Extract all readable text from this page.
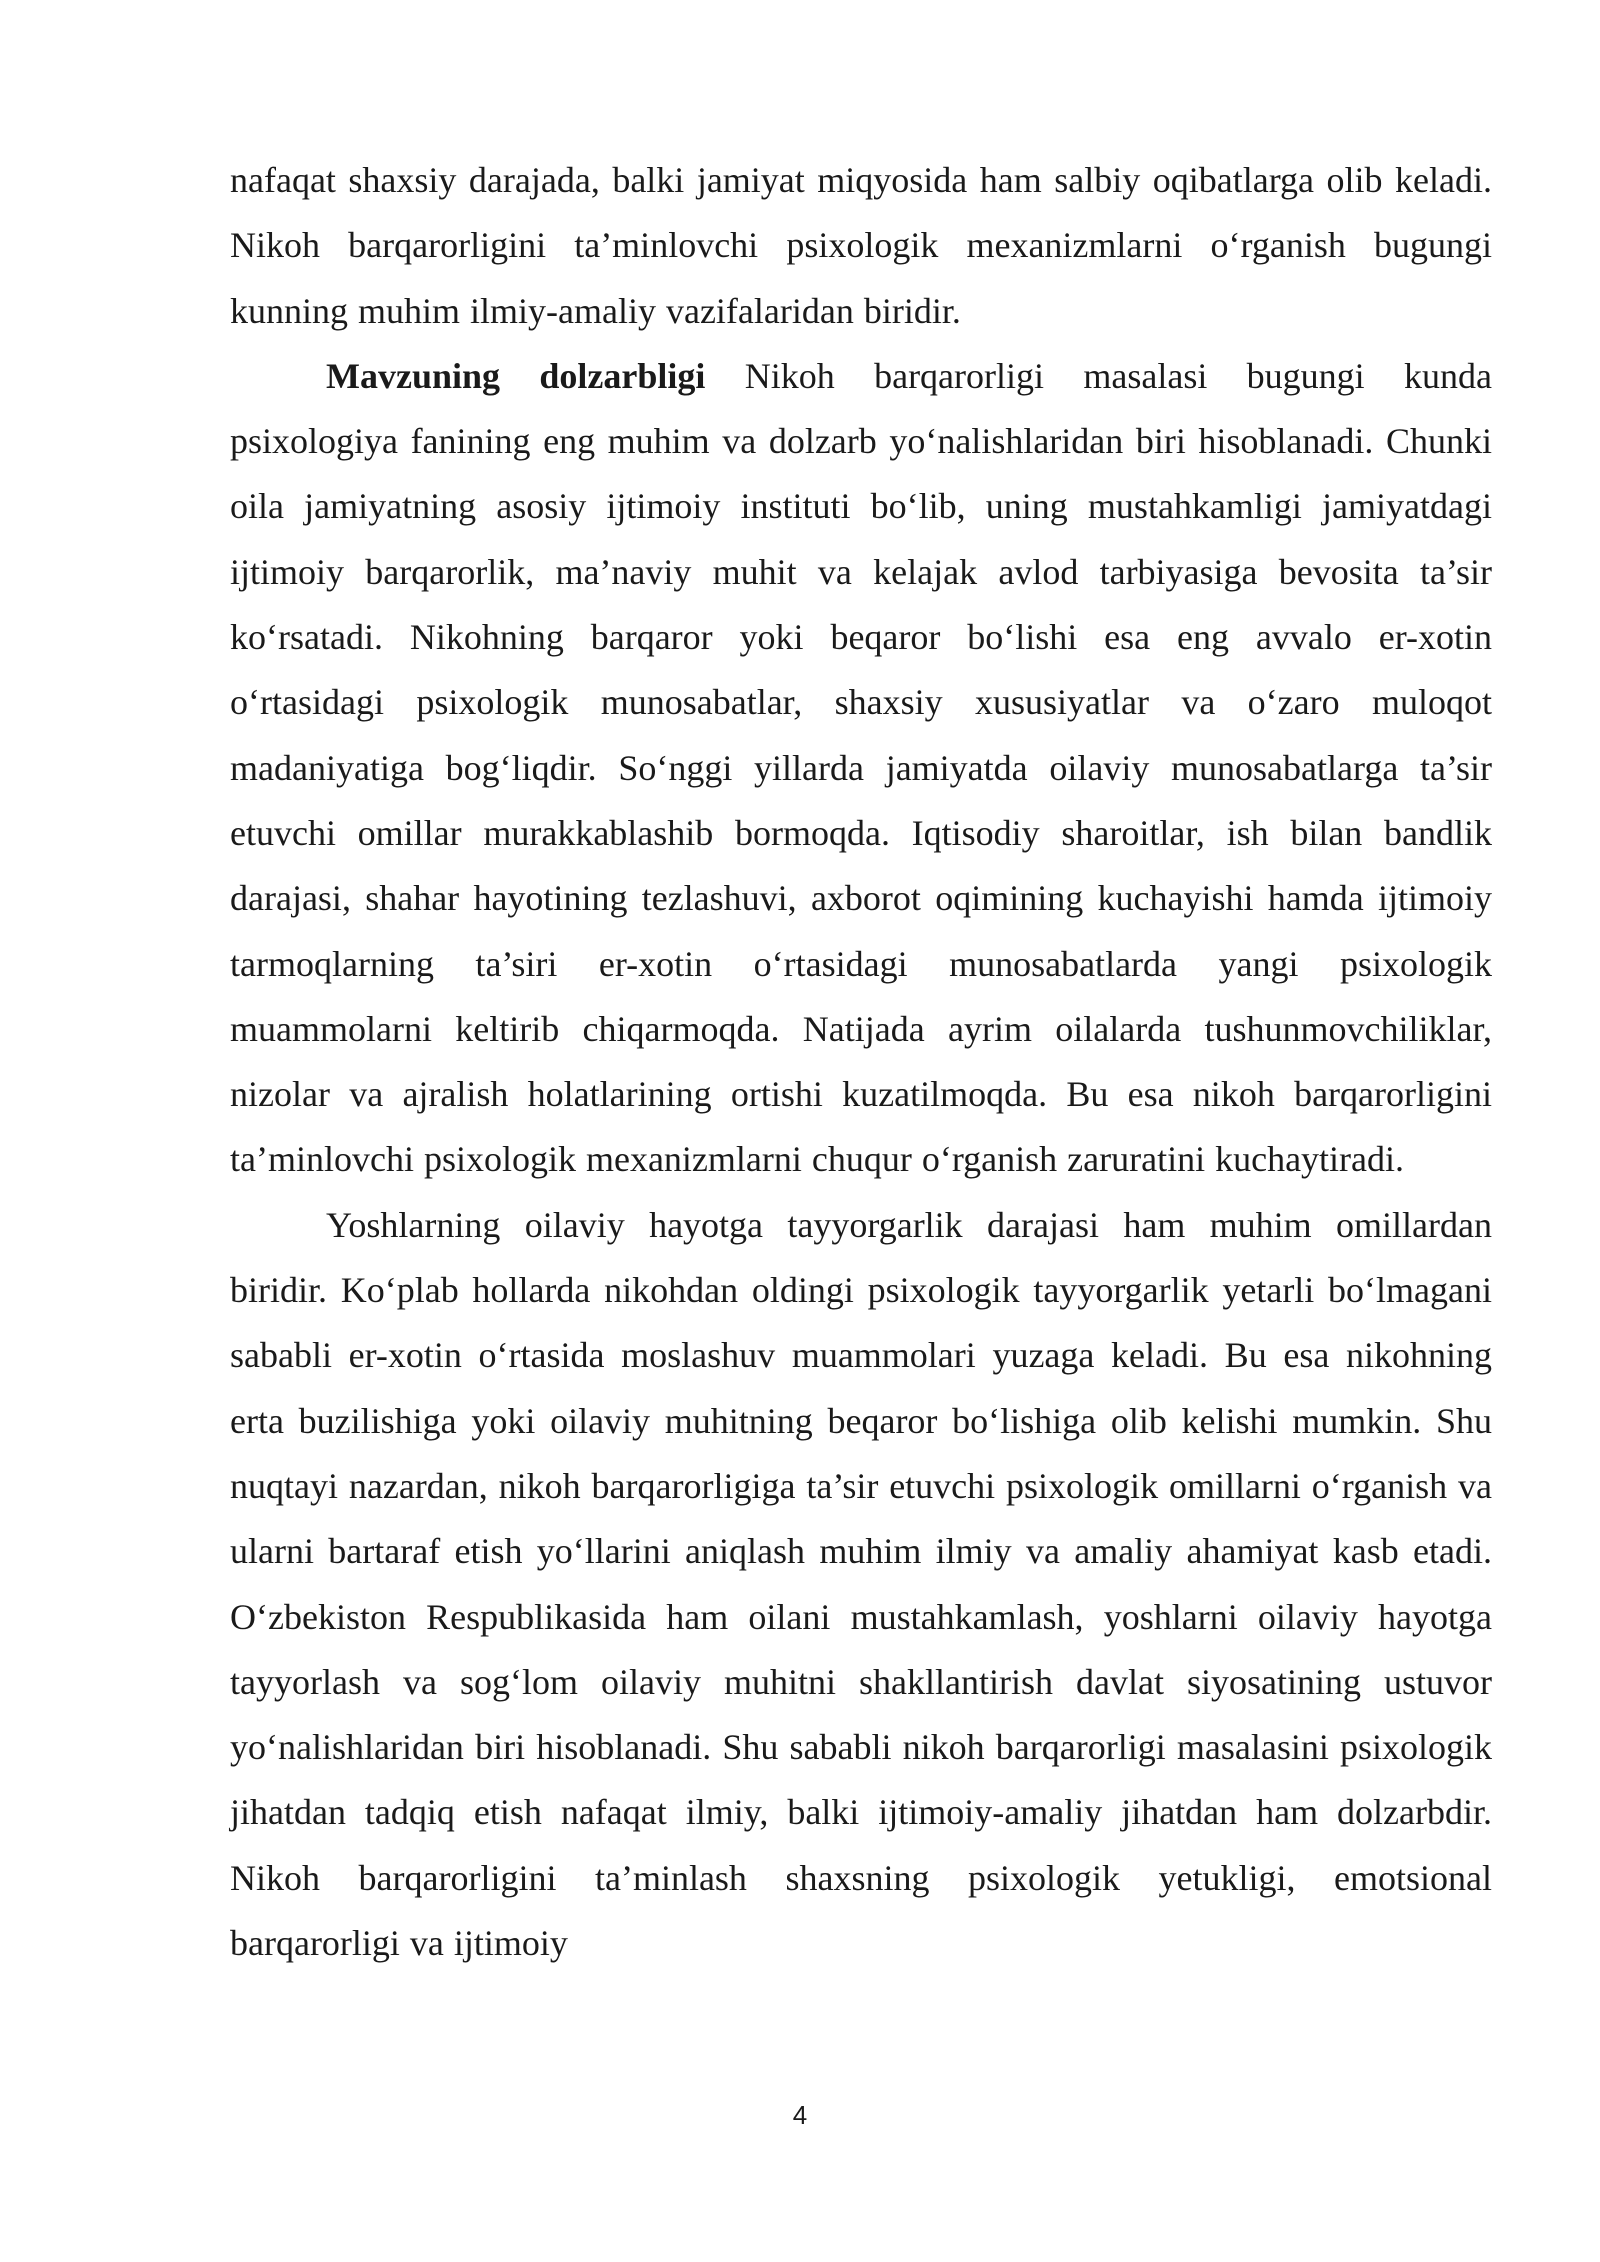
nafaqat shaxsiy darajada, balki jamiyat miqyosida ham salbiy oqibatlarga olib keladi. Nikoh barqarorligini ta’minlovchi psixologik mexanizmlarni o‘rganish bugungi kunning muhim ilmiy-amaliy vazifalaridan biridir.

Mavzuning dolzarbligi Nikoh barqarorligi masalasi bugungi kunda psixologiya fanining eng muhim va dolzarb yo‘nalishlaridan biri hisoblanadi. Chunki oila jamiyatning asosiy ijtimoiy instituti bo‘lib, uning mustahkamligi jamiyatdagi ijtimoiy barqarorlik, ma’naviy muhit va kelajak avlod tarbiyasiga bevosita ta’sir ko‘rsatadi. Nikohning barqaror yoki beqaror bo‘lishi esa eng avvalo er-xotin o‘rtasidagi psixologik munosabatlar, shaxsiy xususiyatlar va o‘zaro muloqot madaniyatiga bog‘liqdir. So‘nggi yillarda jamiyatda oilaviy munosabatlarga ta’sir etuvchi omillar murakkablashib bormoqda. Iqtisodiy sharoitlar, ish bilan bandlik darajasi, shahar hayotining tezlashuvi, axborot oqimining kuchayishi hamda ijtimoiy tarmoqlarning ta’siri er-xotin o‘rtasidagi munosabatlarda yangi psixologik muammolarni keltirib chiqarmoqda. Natijada ayrim oilalarda tushunmovchiliklar, nizolar va ajralish holatlarining ortishi kuzatilmoqda. Bu esa nikoh barqarorligini ta’minlovchi psixologik mexanizmlarni chuqur o‘rganish zaruratini kuchaytiradi.

Yoshlarning oilaviy hayotga tayyorgarlik darajasi ham muhim omillardan biridir. Ko‘plab hollarda nikohdan oldingi psixologik tayyorgarlik yetarli bo‘lmagani sababli er-xotin o‘rtasida moslashuv muammolari yuzaga keladi. Bu esa nikohning erta buzilishiga yoki oilaviy muhitning beqaror bo‘lishiga olib kelishi mumkin. Shu nuqtayi nazardan, nikoh barqarorligiga ta’sir etuvchi psixologik omillarni o‘rganish va ularni bartaraf etish yo‘llarini aniqlash muhim ilmiy va amaliy ahamiyat kasb etadi. O‘zbekiston Respublikasida ham oilani mustahkamlash, yoshlarni oilaviy hayotga tayyorlash va sog‘lom oilaviy muhitni shakllantirish davlat siyosatining ustuvor yo‘nalishlaridan biri hisoblanadi. Shu sababli nikoh barqarorligi masalasini psixologik jihatdan tadqiq etish nafaqat ilmiy, balki ijtimoiy-amaliy jihatdan ham dolzarbdir. Nikoh barqarorligini ta’minlash shaxsning psixologik yetukligi, emotsional barqarorligi va ijtimoiy

4
